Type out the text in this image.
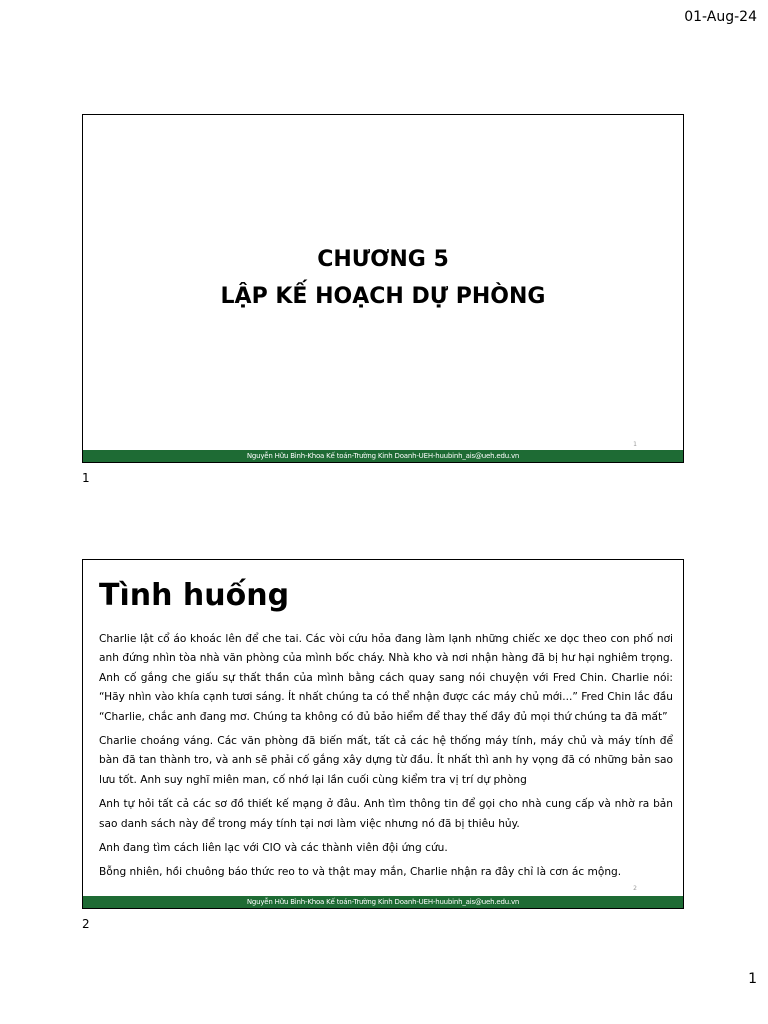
01-Aug-24
CHƯƠNG 5
LẬP KẾ HOẠCH DỰ PHÒNG
1
Nguyễn Hữu Bình-Khoa Kế toán-Trường Kinh Doanh-UEH-huubinh_ais@ueh.edu.vn
1
Tình huống

Charlie lật cổ áo khoác lên để che tai. Các vòi cứu hỏa đang làm lạnh những chiếc xe dọc theo con phố nơi anh đứng nhìn tòa nhà văn phòng của mình bốc cháy. Nhà kho và nơi nhận hàng đã bị hư hại nghiêm trọng. Anh cố gắng che giấu sự thất thần của mình bằng cách quay sang nói chuyện với Fred Chin. Charlie nói: “Hãy nhìn vào khía cạnh tươi sáng. Ít nhất chúng ta có thể nhận được các máy chủ mới...” Fred Chin lắc đầu “Charlie, chắc anh đang mơ. Chúng ta không có đủ bảo hiểm để thay thế đầy đủ mọi thứ chúng ta đã mất”

Charlie choáng váng. Các văn phòng đã biến mất, tất cả các hệ thống máy tính, máy chủ và máy tính để bàn đã tan thành tro, và anh sẽ phải cố gắng xây dựng từ đầu. Ít nhất thì anh hy vọng đã có những bản sao lưu tốt. Anh suy nghĩ miên man, cố nhớ lại lần cuối cùng kiểm tra vị trí dự phòng

Anh tự hỏi tất cả các sơ đồ thiết kế mạng ở đâu. Anh tìm thông tin để gọi cho nhà cung cấp và nhờ ra bản sao danh sách này để trong máy tính tại nơi làm việc nhưng nó đã bị thiêu hủy.

Anh đang tìm cách liên lạc với CIO và các thành viên đội ứng cứu.

Bỗng nhiên, hồi chuông báo thức reo to và thật may mắn, Charlie nhận ra đây chỉ là cơn ác mộng.

2
Nguyễn Hữu Bình-Khoa Kế toán-Trường Kinh Doanh-UEH-huubinh_ais@ueh.edu.vn
2
1
